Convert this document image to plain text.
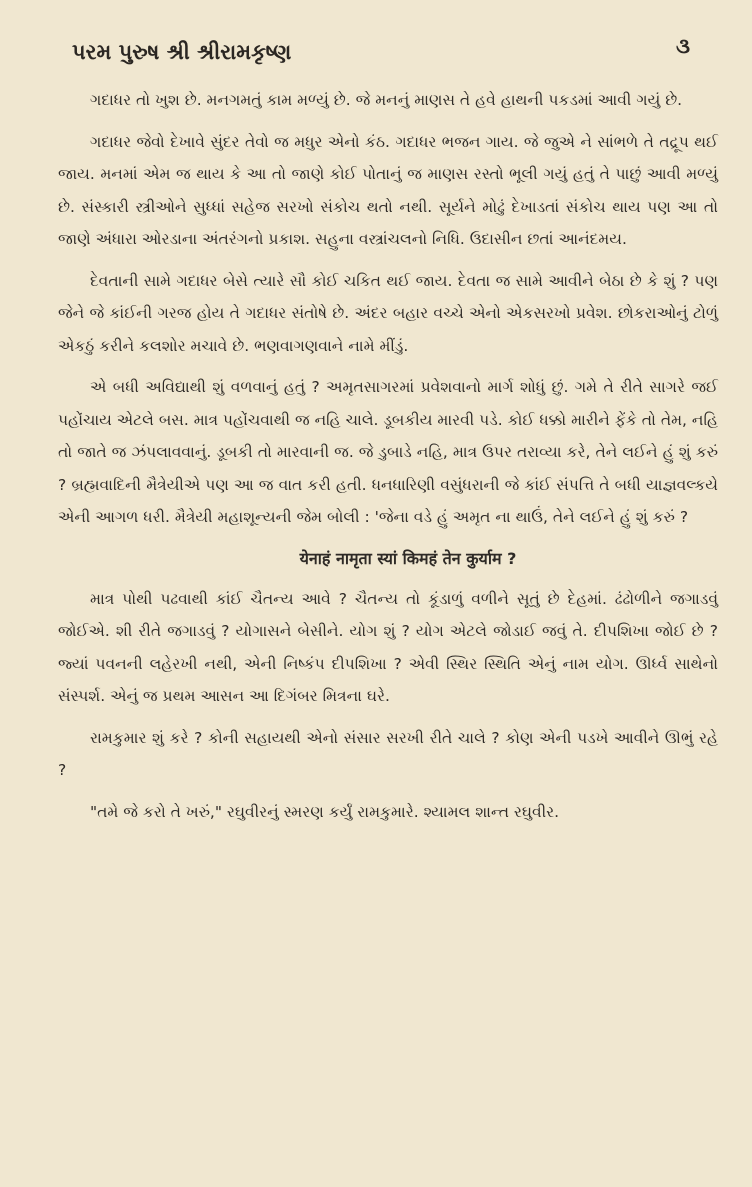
પરમ પુરુષ શ્રી શ્રીરામકૃષ્ણ	૩

ગદાધર તો ખુશ છે. મનગમતું કામ મળ્યું છે. જે મનનું માણસ તે હવે હાથની પકડમાં આવી ગયું છે.

ગદાધર જેવો દેખાવે સુંદર તેવો જ મધુર એનો કંઠ. ગદાધર ભજન ગાય. જે જુએ ને સાંભળે તે તદ્રૂપ થઈ જાય. મનમાં એમ જ થાય કે આ તો જાણે કોઈ પોતાનું જ માણસ રસ્તો ભૂલી ગયું હતું તે પાછું આવી મળ્યું છે. સંસ્કારી સ્ત્રીઓને સુધ્ધાં સહેજ સરખો સંકોચ થતો નથી. સૂર્યને મોઢું દેખાડતાં સંકોચ થાય પણ આ તો જાણે અંધારા ઓરડાના અંતરંગનો પ્રકાશ. સહુના વસ્ત્રાંચલનો નિધિ. ઉદાસીન છતાં આનંદમય.

દેવતાની સામે ગદાધર બેસે ત્યારે સૌ કોઈ ચકિત થઈ જાય. દેવતા જ સામે આવીને બેઠા છે કે શું ? પણ જેને જે કાંઈની ગરજ હોય તે ગદાધર સંતોષે છે. અંદર બહાર વચ્ચે એનો એકસરખો પ્રવેશ. છોકરાઓનું ટોળું એકઠું કરીને કલશોર મચાવે છે. ભણવાગણવાને નામે મીંડું.

એ બધી અવિદ્યાથી શું વળવાનું હતું ? અમૃતસાગરમાં પ્રવેશવાનો માર્ગ શોધું છું. ગમે તે રીતે સાગરે જઈ પહોંચાય એટલે બસ. માત્ર પહોંચવાથી જ નહિ ચાલે. ડૂબકીય મારવી પડે. કોઈ ધક્કો મારીને ફેંકે તો તેમ, નહિ તો જાતે જ ઝંપલાવવાનું. ડૂબકી તો મારવાની જ. જે ડુબાડે નહિ, માત્ર ઉપર તરાવ્યા કરે, તેને લઈને હું શું કરું ? બ્રહ્મવાદિની મૈત્રેયીએ પણ આ જ વાત કરી હતી. ધનધારિણી વસુંધરાની જે કાંઈ સંપત્તિ તે બધી યાજ્ઞવલ્કયે એની આગળ ધરી. મૈત્રેયી મહાશૂન્યની જેમ બોલી : 'જેના વડે હું અમૃત ના થાઉં, તેને લઈને હું શું કરું ?

येनाहं नामृता स्यां किमहं तेन कुर्याम ?

માત્ર પોથી પઢવાથી કાંઈ ચૈતન્ય આવે ? ચૈતન્ય તો કૂંડાળું વળીને સૂતું છે દેહમાં. ઢંઢોળીને જગાડવું જોઈએ. શી રીતે જગાડવું ? યોગાસને બેસીને. યોગ શું ? યોગ એટલે જોડાઈ જવું તે. દીપશિખા જોઈ છે ? જ્યાં પવનની લહેરખી નથી, એની નિષ્કંપ દીપશિખા ? એવી સ્થિર સ્થિતિ એનું નામ યોગ. ઊર્ધ્વ સાથેનો સંસ્પર્શ. એનું જ પ્રથમ આસન આ દિગંબર મિત્રના ઘરે.

રામકુમાર શું કરે ? કોની સહાયથી એનો સંસાર સરખી રીતે ચાલે ? કોણ એની પડખે આવીને ઊભું રહે ?

"તમે જે કરો તે ખરું," રઘુવીરનું સ્મરણ કર્યું રામકુમારે. શ્યામલ શાન્ત રઘુવીર.
